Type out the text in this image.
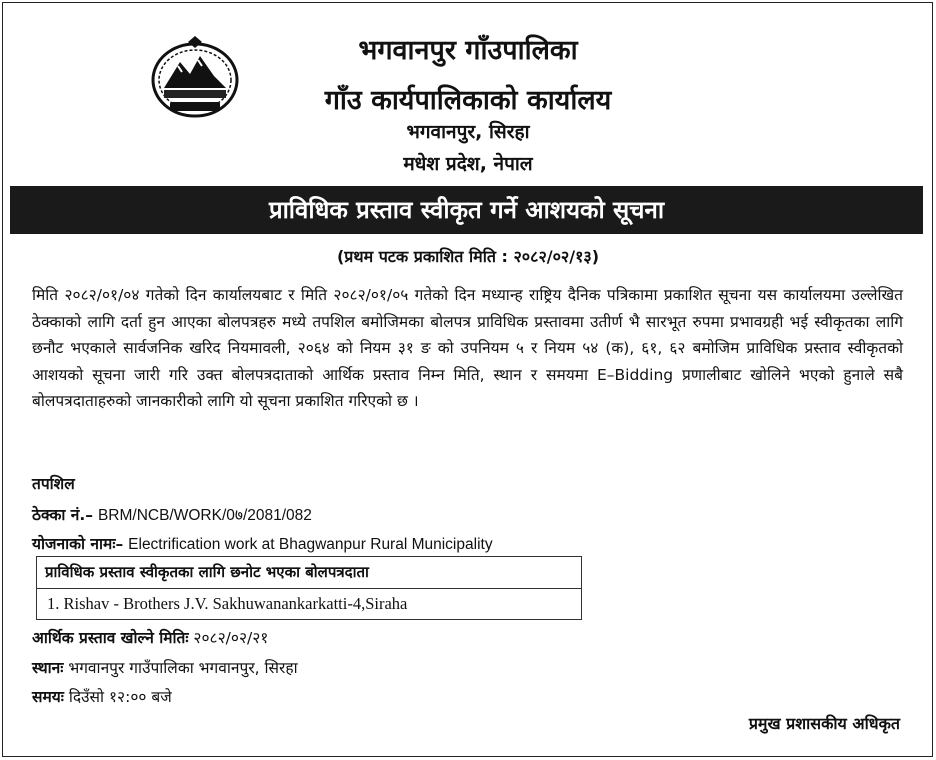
भगवानपुर गाँउपालिका
गाँउ कार्यपालिकाको कार्यालय
भगवानपुर, सिरहा
मधेश प्रदेश, नेपाल
प्राविधिक प्रस्ताव स्वीकृत गर्ने आशयको सूचना
(प्रथम पटक प्रकाशित मिति : २०८२/०२/१३)
मिति २०८२/०१/०४ गतेको दिन कार्यालयबाट र मिति २०८२/०१/०५ गतेको दिन मध्यान्ह राष्ट्रिय दैनिक पत्रिकामा प्रकाशित सूचना यस कार्यालयमा उल्लेखित ठेक्काको लागि दर्ता हुन आएका बोलपत्रहरु मध्ये तपशिल बमोजिमका बोलपत्र प्राविधिक प्रस्तावमा उतीर्ण भै सारभूत रुपमा प्रभावग्रही भई स्वीकृतका लागि छनौट भएकाले सार्वजनिक खरिद नियमावली, २०६४ को नियम ३१ ङ को उपनियम ५ र नियम ५४ (क), ६१, ६२ बमोजिम प्राविधिक प्रस्ताव स्वीकृतको आशयको सूचना जारी गरि उक्त बोलपत्रदाताको आर्थिक प्रस्ताव निम्न मिति, स्थान र समयमा E–Bidding प्रणालीबाट खोलिने भएको हुनाले सबै बोलपत्रदाताहरुको जानकारीको लागि यो सूचना प्रकाशित गरिएको छ ।
तपशिल
ठेक्का नं.– BRM/NCB/WORK/0७/2081/082
योजनाको नामः– Electrification work at Bhagwanpur Rural Municipality
प्राविधिक प्रस्ताव स्वीकृतका लागि छनोट भएका बोलपत्रदाता
1. Rishav - Brothers J.V. Sakhuwanankarkatti-4,Siraha
आर्थिक प्रस्ताव खोल्ने मितिः २०८२/०२/२१
स्थानः भगवानपुर गाउँपालिका भगवानपुर, सिरहा
समयः दिउँसो १२:०० बजे
प्रमुख प्रशासकीय अधिकृत
